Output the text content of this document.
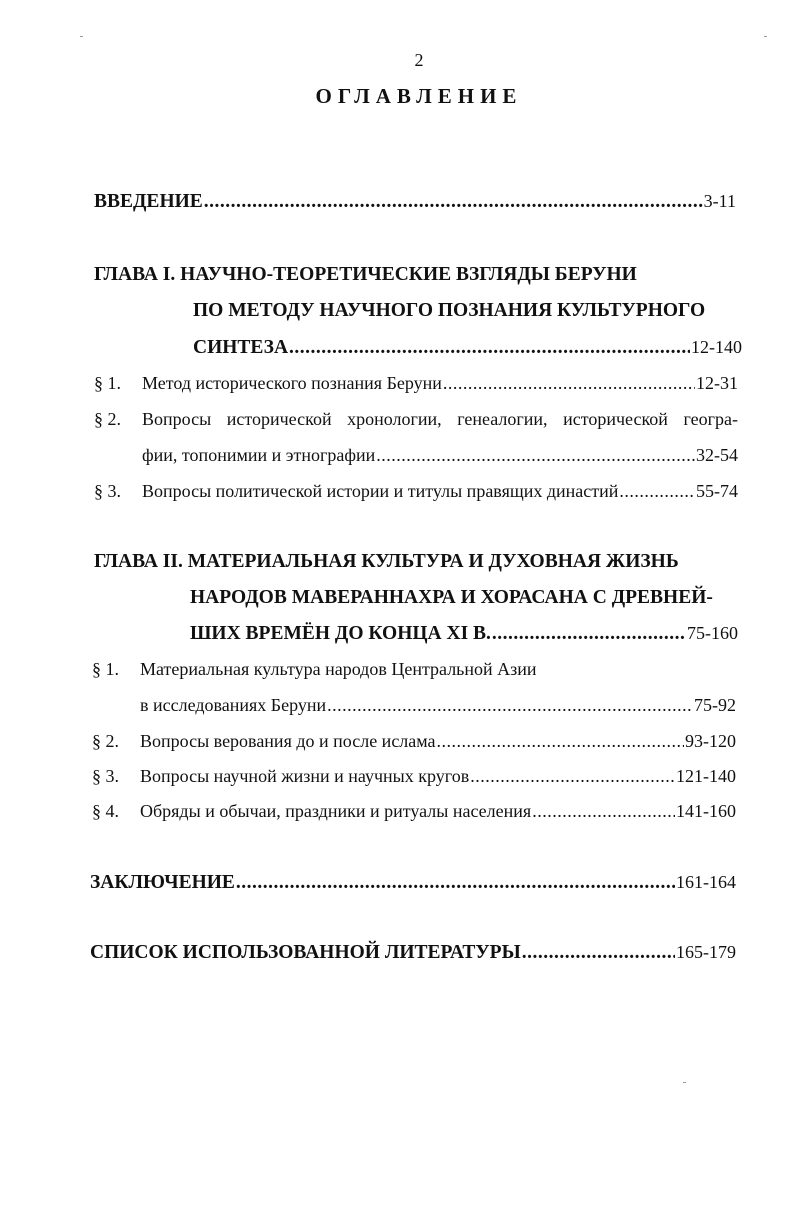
2
ОГЛАВЛЕНИЕ
ВВЕДЕНИЕ .....	3-11
ГЛАВА I. НАУЧНО-ТЕОРЕТИЧЕСКИЕ ВЗГЛЯДЫ БЕРУНИ
ПО МЕТОДУ НАУЧНОГО ПОЗНАНИЯ КУЛЬТУРНОГО
СИНТЕЗА .....	12-140
§ 1. Метод исторического познания Беруни .....	12-31
§ 2. Вопросы исторической хронологии, генеалогии, исторической геогра-
фии, топонимии и этнографии .....	32-54
§ 3. Вопросы политической истории и титулы правящих династий .....	55-74
ГЛАВА II. МАТЕРИАЛЬНАЯ КУЛЬТУРА И ДУХОВНАЯ ЖИЗНЬ
НАРОДОВ МАВЕРАННАХРА И ХОРАСАНА С ДРЕВНЕЙ-
ШИХ ВРЕМЁН ДО КОНЦА XI В. .....	75-160
§ 1. Материальная культура народов Центральной Азии
в исследованиях Беруни .....	75-92
§ 2. Вопросы верования до и после ислама .....	93-120
§ 3. Вопросы научной жизни и научных кругов .....	121-140
§ 4. Обряды и обычаи, праздники и ритуалы населения .....	141-160
ЗАКЛЮЧЕНИЕ .....	161-164
СПИСОК ИСПОЛЬЗОВАННОЙ ЛИТЕРАТУРЫ .....	165-179
